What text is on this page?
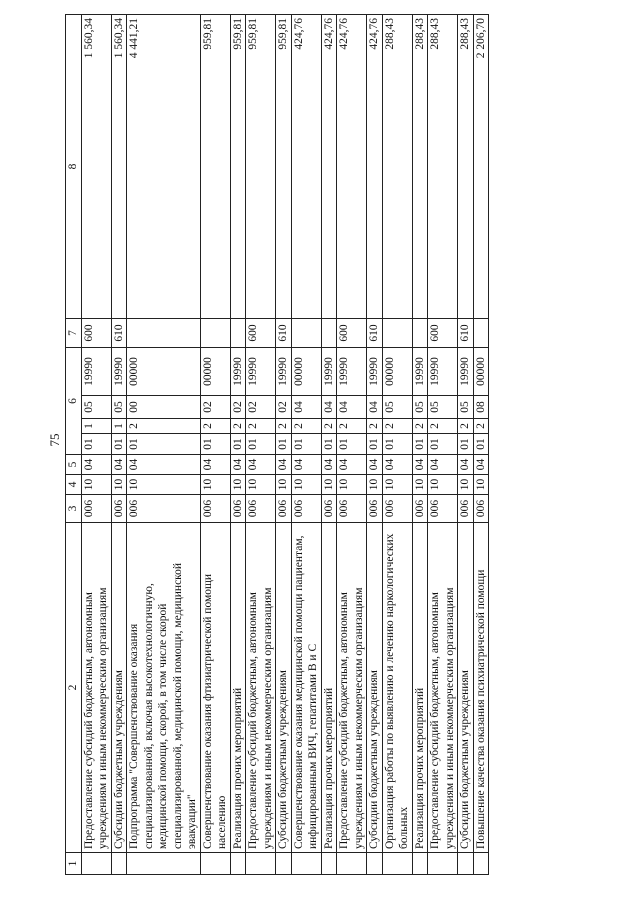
75
1	2	3	4	5	6				7	8
	Предоставление субсидий бюджетным, автономным учреждениям и иным некоммерческим организациям	006	10	04	01	1	05	19990	600	1 560,34
	Субсидии бюджетным учреждениям	006	10	04	01	1	05	19990	610	1 560,34
	Подпрограмма "Совершенствование оказания специализированной, включая высокотехнологичную, медицинской помощи, скорой, в том числе скорой специализированной, медицинской помощи, медицинской эвакуации"	006	10	04	01	2	00	00000		4 441,21
	Совершенствование оказания фтизиатрической помощи населению	006	10	04	01	2	02	00000		959,81
	Реализация прочих мероприятий	006	10	04	01	2	02	19990		959,81
	Предоставление субсидий бюджетным, автономным учреждениям и иным некоммерческим организациям	006	10	04	01	2	02	19990	600	959,81
	Субсидии бюджетным учреждениям	006	10	04	01	2	02	19990	610	959,81
	Совершенствование оказания медицинской помощи пациентам, инфицированным ВИЧ, гепатитами В и С	006	10	04	01	2	04	00000		424,76
	Реализация прочих мероприятий	006	10	04	01	2	04	19990		424,76
	Предоставление субсидий бюджетным, автономным учреждениям и иным некоммерческим организациям	006	10	04	01	2	04	19990	600	424,76
	Субсидии бюджетным учреждениям	006	10	04	01	2	04	19990	610	424,76
	Организация работы по выявлению и лечению наркологических больных	006	10	04	01	2	05	00000		288,43
	Реализация прочих мероприятий	006	10	04	01	2	05	19990		288,43
	Предоставление субсидий бюджетным, автономным учреждениям и иным некоммерческим организациям	006	10	04	01	2	05	19990	600	288,43
	Субсидии бюджетным учреждениям	006	10	04	01	2	05	19990	610	288,43
	Повышение качества оказания психиатрической помощи	006	10	04	01	2	08	00000		2 206,70
